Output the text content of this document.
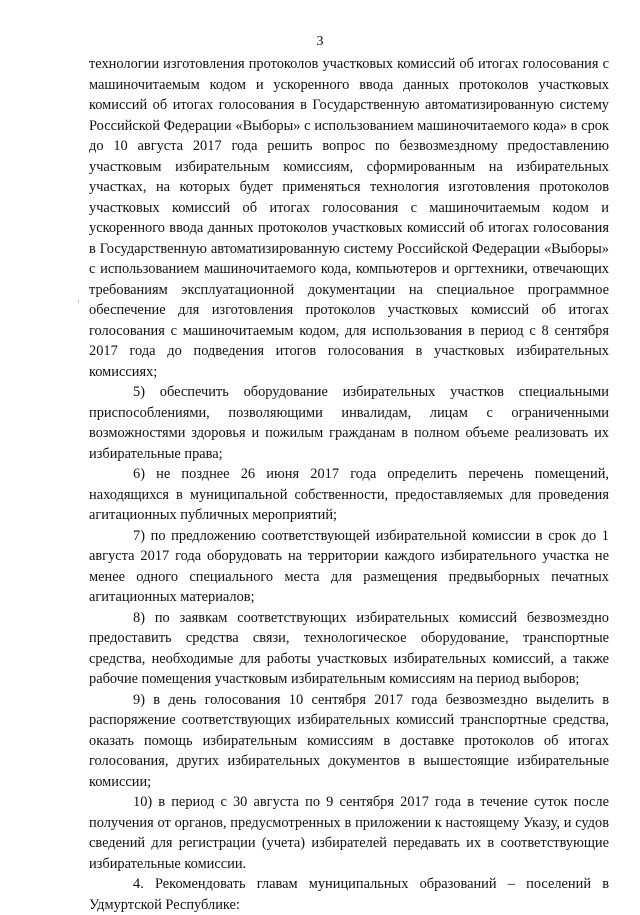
3

технологии изготовления протоколов участковых комиссий об итогах голосования с машиночитаемым кодом и ускоренного ввода данных протоколов участковых комиссий об итогах голосования в Государственную автоматизированную систему Российской Федерации «Выборы» с использованием машиночитаемого кода» в срок до 10 августа 2017 года решить вопрос по безвозмездному предоставлению участковым избирательным комиссиям, сформированным на избирательных участках, на которых будет применяться технология изготовления протоколов участковых комиссий об итогах голосования с машиночитаемым кодом и ускоренного ввода данных протоколов участковых комиссий об итогах голосования в Государственную автоматизированную систему Российской Федерации «Выборы» с использованием машиночитаемого кода, компьютеров и оргтехники, отвечающих требованиям эксплуатационной документации на специальное программное обеспечение для изготовления протоколов участковых комиссий об итогах голосования с машиночитаемым кодом, для использования в период с 8 сентября 2017 года до подведения итогов голосования в участковых избирательных комиссиях;

5) обеспечить оборудование избирательных участков специальными приспособлениями, позволяющими инвалидам, лицам с ограниченными возможностями здоровья и пожилым гражданам в полном объеме реализовать их избирательные права;

6) не позднее 26 июня 2017 года определить перечень помещений, находящихся в муниципальной собственности, предоставляемых для проведения агитационных публичных мероприятий;

7) по предложению соответствующей избирательной комиссии в срок до 1 августа 2017 года оборудовать на территории каждого избирательного участка не менее одного специального места для размещения предвыборных печатных агитационных материалов;

8) по заявкам соответствующих избирательных комиссий безвозмездно предоставить средства связи, технологическое оборудование, транспортные средства, необходимые для работы участковых избирательных комиссий, а также рабочие помещения участковым избирательным комиссиям на период выборов;

9) в день голосования 10 сентября 2017 года безвозмездно выделить в распоряжение соответствующих избирательных комиссий транспортные средства, оказать помощь избирательным комиссиям в доставке протоколов об итогах голосования, других избирательных документов в вышестоящие избирательные комиссии;

10) в период с 30 августа по 9 сентября 2017 года в течение суток после получения от органов, предусмотренных в приложении к настоящему Указу, и судов сведений для регистрации (учета) избирателей передавать их в соответствующие избирательные комиссии.

4. Рекомендовать главам муниципальных образований – поселений в Удмуртской Республике:
